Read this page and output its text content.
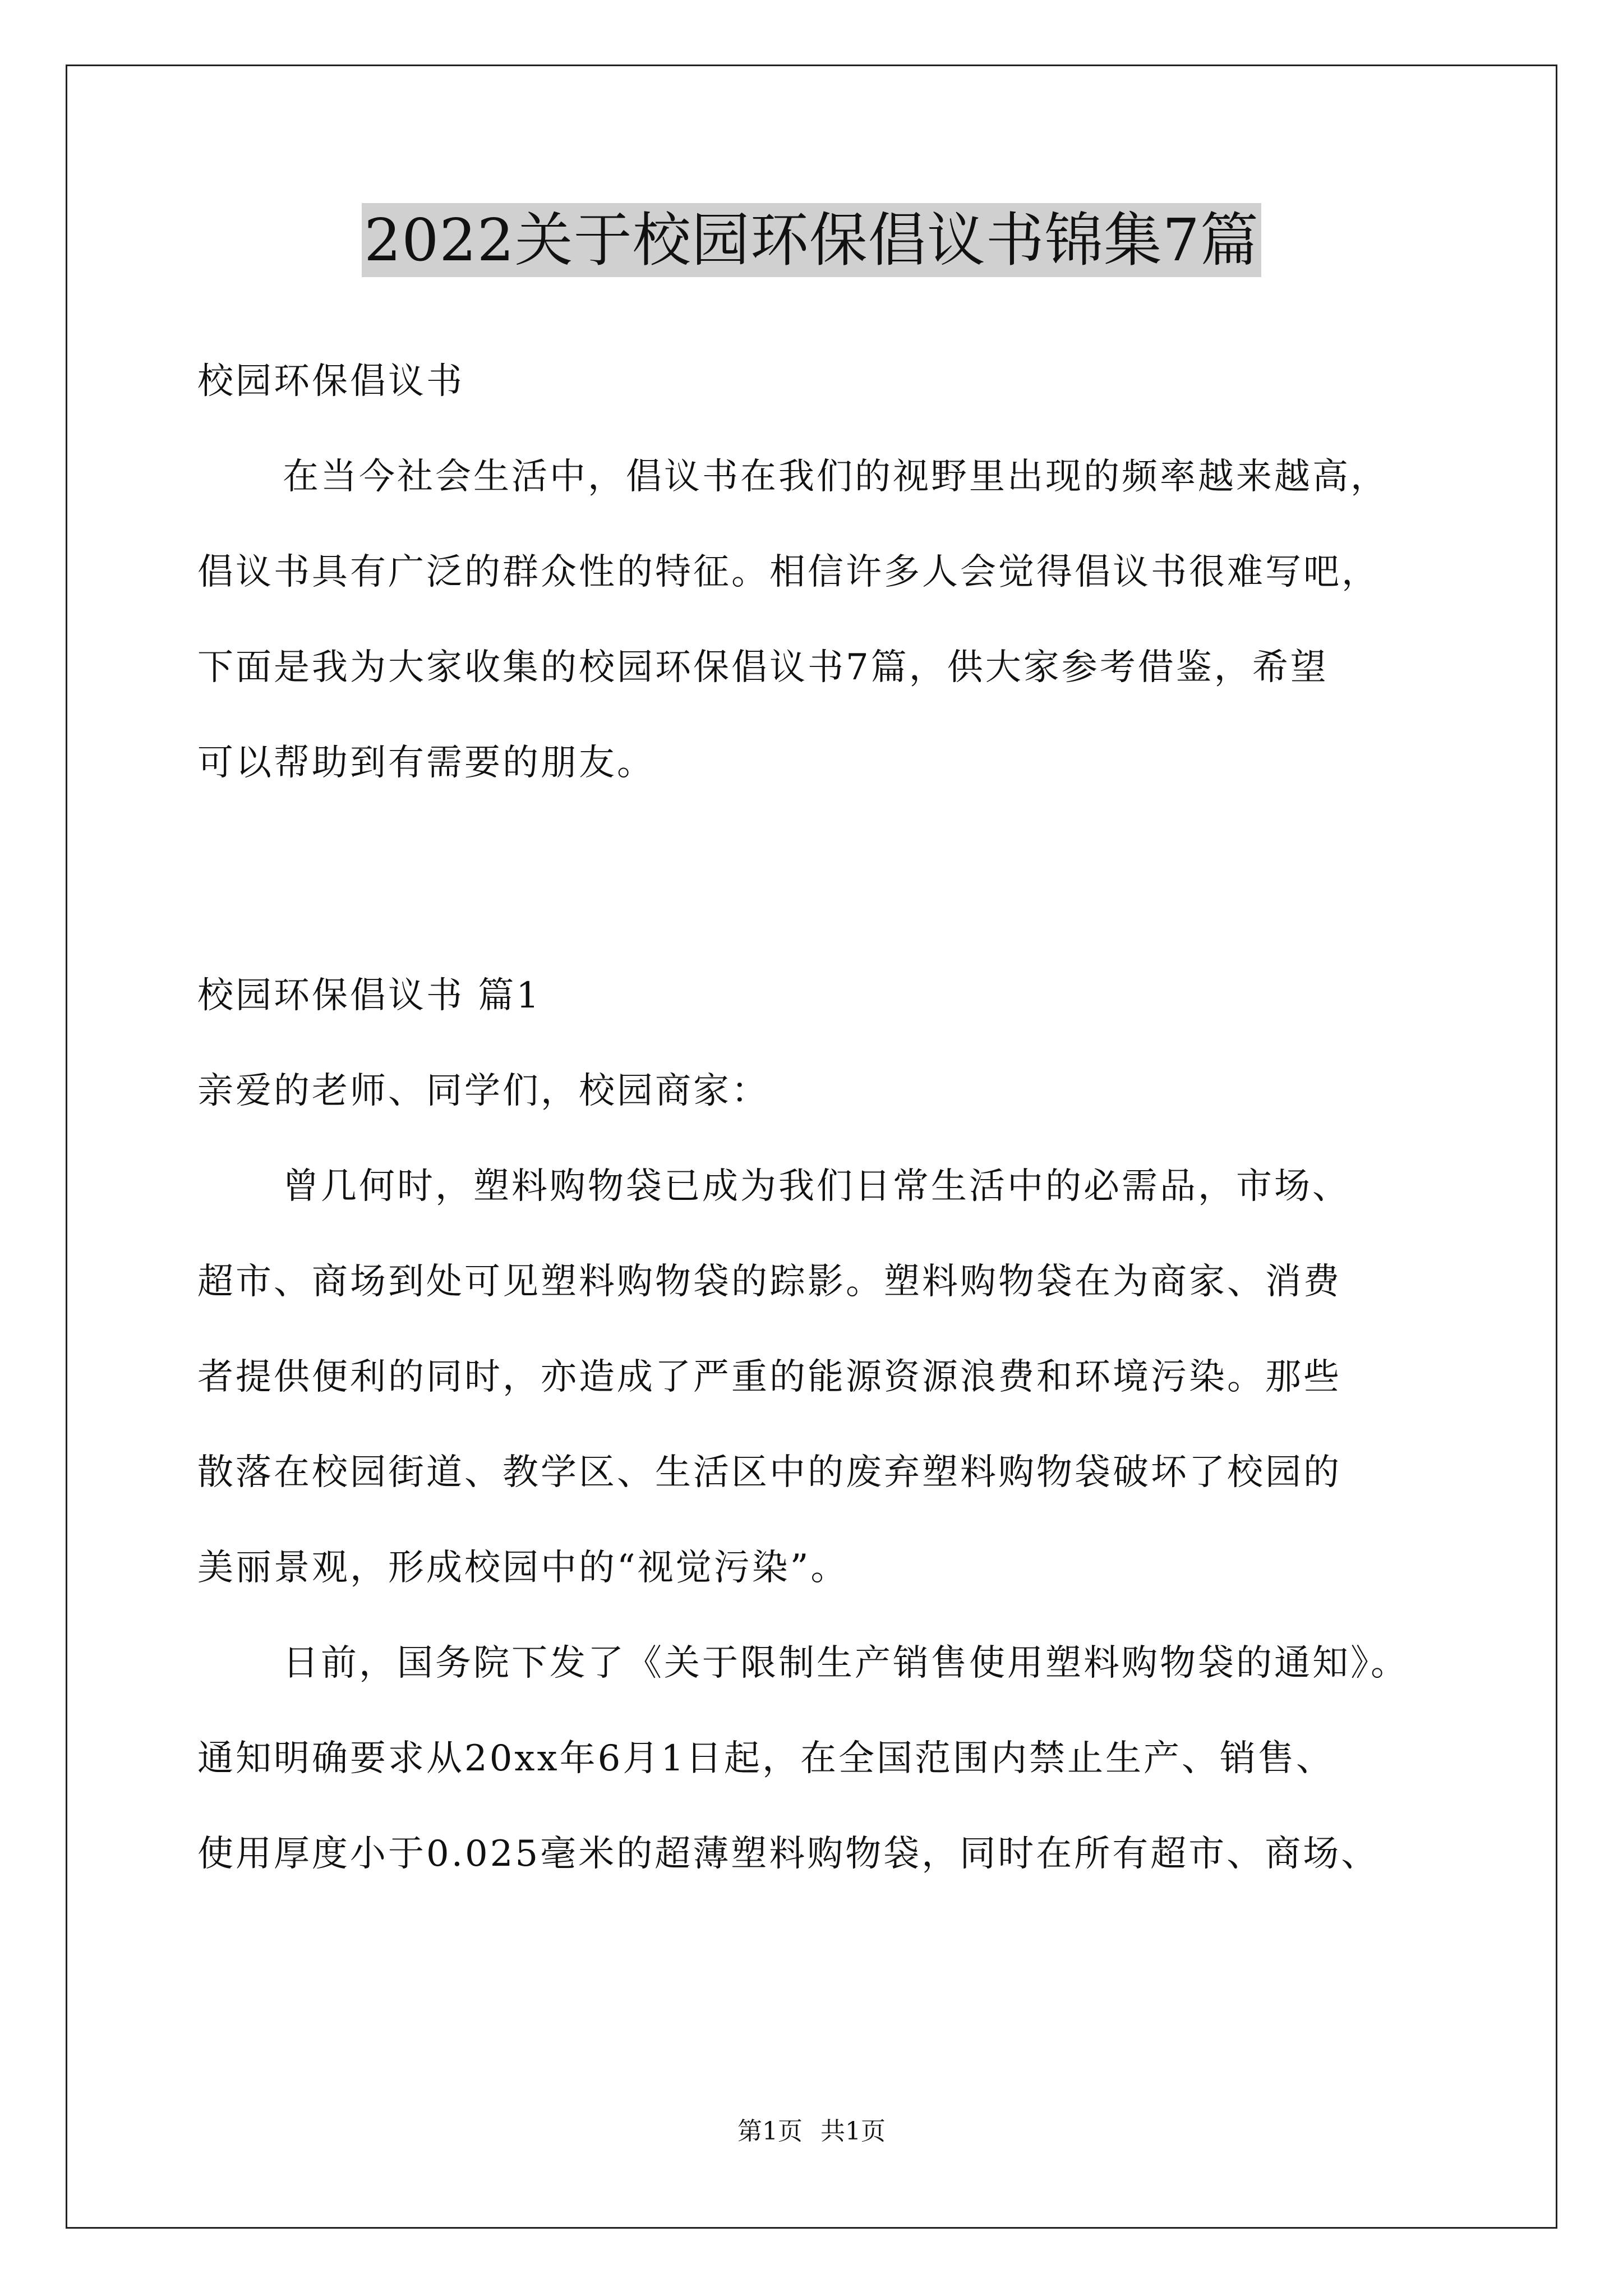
2022关于校园环保倡议书锦集7篇
校园环保倡议书
在当今社会生活中，倡议书在我们的视野里出现的频率越来越高，
倡议书具有广泛的群众性的特征。相信许多人会觉得倡议书很难写吧，
下面是我为大家收集的校园环保倡议书7篇，供大家参考借鉴，希望
可以帮助到有需要的朋友。
校园环保倡议书 篇1
亲爱的老师、同学们，校园商家：
曾几何时，塑料购物袋已成为我们日常生活中的必需品，市场、
超市、商场到处可见塑料购物袋的踪影。塑料购物袋在为商家、消费
者提供便利的同时，亦造成了严重的能源资源浪费和环境污染。那些
散落在校园街道、教学区、生活区中的废弃塑料购物袋破坏了校园的
美丽景观，形成校园中的“视觉污染”。
日前，国务院下发了《关于限制生产销售使用塑料购物袋的通知》。
通知明确要求从20xx年6月1日起，在全国范围内禁止生产、销售、
使用厚度小于0.025毫米的超薄塑料购物袋，同时在所有超市、商场、
第1页 共1页
